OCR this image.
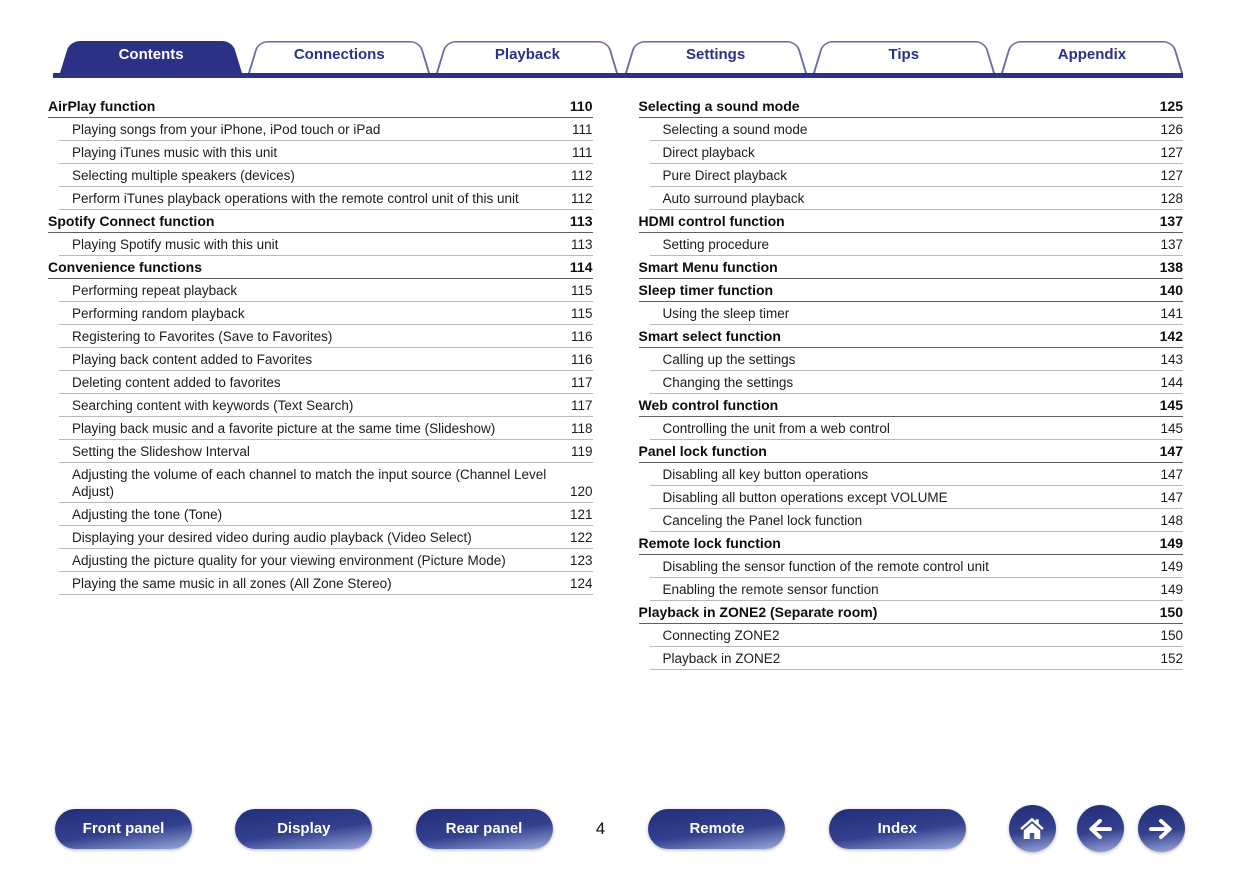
Contents	Connections	Playback	Settings	Tips	Appendix
AirPlay function	110
Playing songs from your iPhone, iPod touch or iPad	111
Playing iTunes music with this unit	111
Selecting multiple speakers (devices)	112
Perform iTunes playback operations with the remote control unit of this unit	112
Spotify Connect function	113
Playing Spotify music with this unit	113
Convenience functions	114
Performing repeat playback	115
Performing random playback	115
Registering to Favorites (Save to Favorites)	116
Playing back content added to Favorites	116
Deleting content added to favorites	117
Searching content with keywords (Text Search)	117
Playing back music and a favorite picture at the same time (Slideshow)	118
Setting the Slideshow Interval	119
Adjusting the volume of each channel to match the input source (Channel Level Adjust)	120
Adjusting the tone (Tone)	121
Displaying your desired video during audio playback (Video Select)	122
Adjusting the picture quality for your viewing environment (Picture Mode)	123
Playing the same music in all zones (All Zone Stereo)	124
Selecting a sound mode	125
Selecting a sound mode	126
Direct playback	127
Pure Direct playback	127
Auto surround playback	128
HDMI control function	137
Setting procedure	137
Smart Menu function	138
Sleep timer function	140
Using the sleep timer	141
Smart select function	142
Calling up the settings	143
Changing the settings	144
Web control function	145
Controlling the unit from a web control	145
Panel lock function	147
Disabling all key button operations	147
Disabling all button operations except VOLUME	147
Canceling the Panel lock function	148
Remote lock function	149
Disabling the sensor function of the remote control unit	149
Enabling the remote sensor function	149
Playback in ZONE2 (Separate room)	150
Connecting ZONE2	150
Playback in ZONE2	152
Front panel	Display	Rear panel	4	Remote	Index
